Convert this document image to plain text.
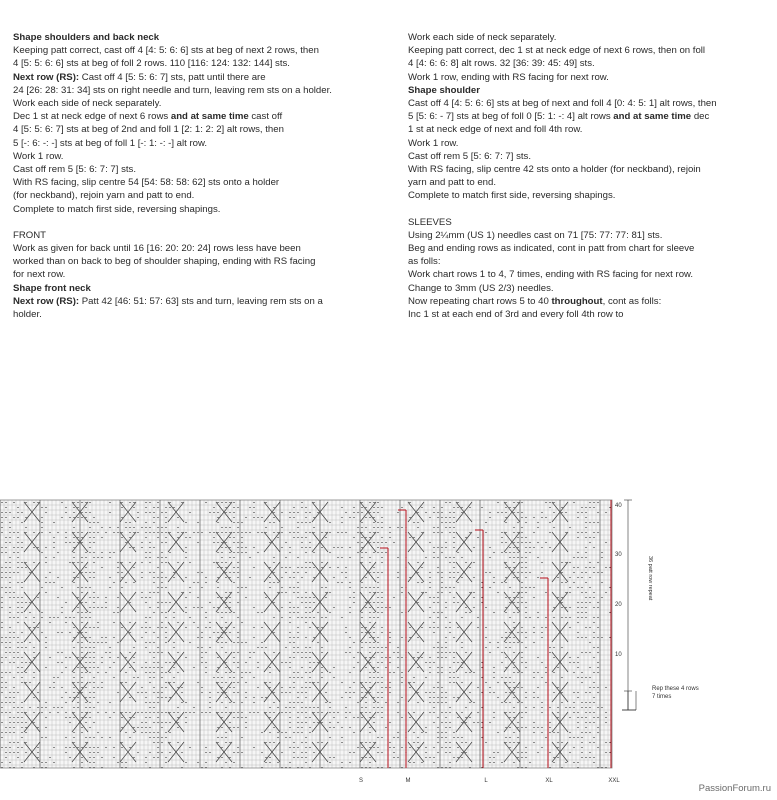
Shape shoulders and back neck

Keeping patt correct, cast off 4 [4: 5: 6: 6] sts at beg of next 2 rows, then

4 [5: 5: 6: 6] sts at beg of foll 2 rows. 110 [116: 124: 132: 144] sts.

Next row (RS): Cast off 4 [5: 5: 6: 7] sts, patt until there are

24 [26: 28: 31: 34] sts on right needle and turn, leaving rem sts on a holder.

Work each side of neck separately.

Dec 1 st at neck edge of next 6 rows and at same time cast off

4 [5: 5: 6: 7] sts at beg of 2nd and foll 1 [2: 1: 2: 2] alt rows, then

5 [-: 6: -: -] sts at beg of foll 1 [-: 1: -: -] alt row.

Work 1 row.

Cast off rem 5 [5: 6: 7: 7] sts.

With RS facing, slip centre 54 [54: 58: 58: 62] sts onto a holder

(for neckband), rejoin yarn and patt to end.

Complete to match first side, reversing shapings.

FRONT

Work as given for back until 16 [16: 20: 20: 24] rows less have been

worked than on back to beg of shoulder shaping, ending with RS facing

for next row.

Shape front neck

Next row (RS): Patt 42 [46: 51: 57: 63] sts and turn, leaving rem sts on a

holder.

Work each side of neck separately.

Keeping patt correct, dec 1 st at neck edge of next 6 rows, then on foll

4 [4: 6: 6: 8] alt rows. 32 [36: 39: 45: 49] sts.

Work 1 row, ending with RS facing for next row.

Shape shoulder

Cast off 4 [4: 5: 6: 6] sts at beg of next and foll 4 [0: 4: 5: 1] alt rows, then

5 [5: 6: - 7] sts at beg of foll 0 [5: 1: -: 4] alt rows and at same time dec

1 st at neck edge of next and foll 4th row.

Work 1 row.

Cast off rem 5 [5: 6: 7: 7] sts.

With RS facing, slip centre 42 sts onto a holder (for neckband), rejoin

yarn and patt to end.

Complete to match first side, reversing shapings.

SLEEVES

Using 2¼mm (US 1) needles cast on 71 [75: 77: 77: 81] sts.

Beg and ending rows as indicated, cont in patt from chart for sleeve

as folls:

Work chart rows 1 to 4, 7 times, ending with RS facing for next row.

Change to 3mm (US 2/3) needles.

Now repeating chart rows 5 to 40 throughout, cont as folls:

Inc 1 st at each end of 3rd and every foll 4th row to

40
30
20
10
36 patt row repeat
Rep these 4 rows
7 times
S	M	L	XL	XXL
PassionForum.ru
